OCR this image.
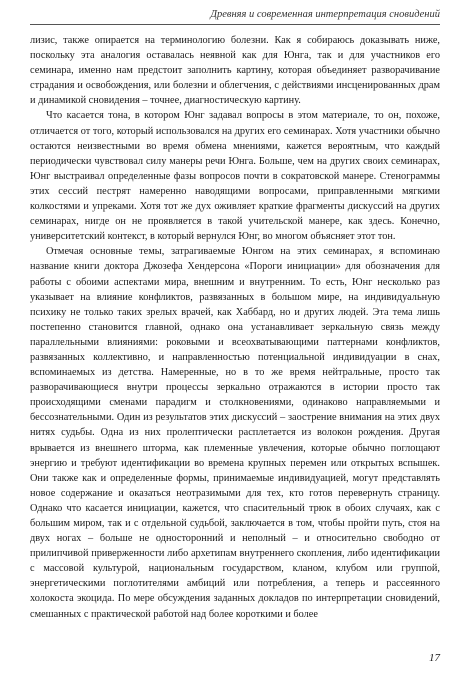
Древняя и современная интерпретация сновидений

лизис, также опирается на терминологию болезни. Как я собираюсь доказывать ниже, поскольку эта аналогия оставалась неявной как для Юнга, так и для участников его семинара, именно нам предстоит заполнить картину, которая объединяет разворачивание страдания и освобождения, или болезни и облегчения, с действиями инсценированных драм и динамикой сновидения – точнее, диагностическую картину.

Что касается тона, в котором Юнг задавал вопросы в этом материале, то он, похоже, отличается от того, который использовался на других его семинарах. Хотя участники обычно остаются неизвестными во время обмена мнениями, кажется вероятным, что каждый периодически чувствовал силу манеры речи Юнга. Больше, чем на других своих семинарах, Юнг выстраивал определенные фазы вопросов почти в сократовской манере. Стенограммы этих сессий пестрят намеренно наводящими вопросами, приправленными мягкими колкостями и упреками. Хотя тот же дух оживляет краткие фрагменты дискуссий на других семинарах, нигде он не проявляется в такой учительской манере, как здесь. Конечно, университетский контекст, в который вернулся Юнг, во многом объясняет этот тон.

Отмечая основные темы, затрагиваемые Юнгом на этих семинарах, я вспоминаю название книги доктора Джозефа Хендерсона «Пороги инициации» для обозначения для работы с обоими аспектами мира, внешним и внутренним. То есть, Юнг несколько раз указывает на влияние конфликтов, развязанных в большом мире, на индивидуальную психику не только таких зрелых врачей, как Хаббард, но и других людей. Эта тема лишь постепенно становится главной, однако она устанавливает зеркальную связь между параллельными влияниями: роковыми и всеохватывающими паттернами конфликтов, развязанных коллективно, и направленностью потенциальной индивидуации в снах, вспоминаемых из детства. Намеренные, но в то же время нейтральные, просто так разворачивающиеся внутри процессы зеркально отражаются в истории просто так происходящими сменами парадигм и столкновениями, одинаково направляемыми и бессознательными. Один из результатов этих дискуссий – заострение внимания на этих двух нитях судьбы. Одна из них пролептически расплетается из волокон рождения. Другая врывается из внешнего шторма, как племенные увлечения, которые обычно поглощают энергию и требуют идентификации во времена крупных перемен или открытых вспышек. Они также как и определенные формы, принимаемые индивидуацией, могут представлять новое содержание и оказаться неотразимыми для тех, кто готов перевернуть страницу. Однако что касается инициации, кажется, что спасительный трюк в обоих случаях, как с большим миром, так и с отдельной судьбой, заключается в том, чтобы пройти путь, стоя на двух ногах – больше не односторонний и неполный – и относительно свободно от прилипчивой приверженности либо архетипам внутреннего скопления, либо идентификации с массовой культурой, национальным государством, кланом, клубом или группой, энергетическими поглотителями амбиций или потребления, а теперь и рассеянного холокоста экоцида. По мере обсуждения заданных докладов по интерпретации сновидений, смешанных с практической работой над более короткими и более

17
